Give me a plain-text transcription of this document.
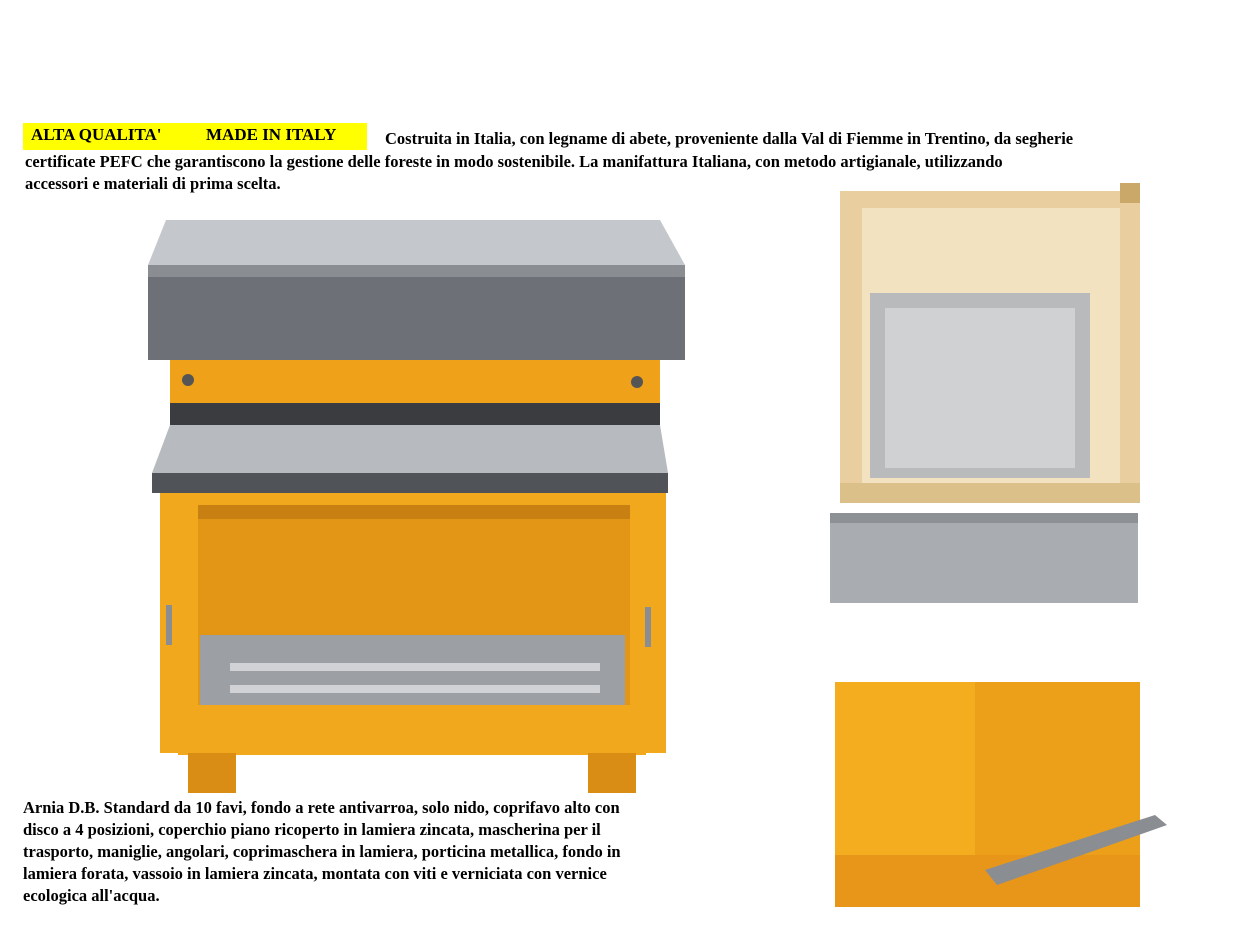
ALTA QUALITA'	MADE IN ITALY	Costruita in Italia, con legname di abete, proveniente dalla Val di Fiemme in Trentino, da segherie
certificate PEFC che garantiscono la gestione delle foreste in modo sostenibile. La manifattura Italiana, con metodo artigianale, utilizzando
accessori e materiali di prima scelta.
Arnia D.B. Standard da 10 favi, fondo a rete antivarroa, solo nido, coprifavo alto con
disco a 4 posizioni, coperchio piano ricoperto in lamiera zincata, mascherina per il
trasporto, maniglie, angolari, coprimaschera in lamiera, porticina metallica, fondo in
lamiera forata, vassoio in lamiera zincata, montata con viti e verniciata con vernice
ecologica all'acqua.
